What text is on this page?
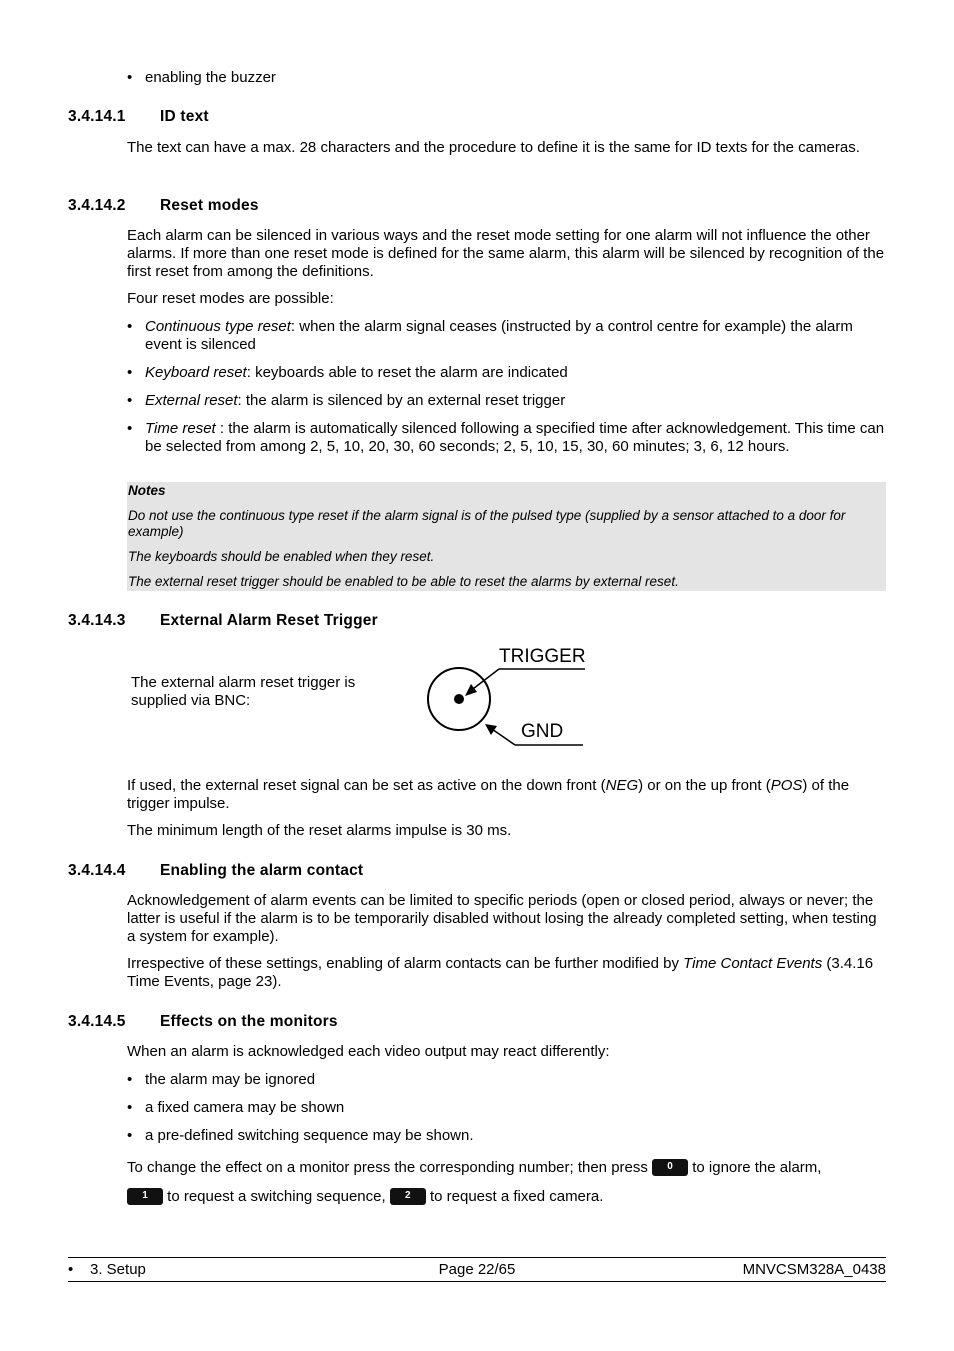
• enabling the buzzer
3.4.14.1 ID text
The text can have a max. 28 characters and the procedure to define it is the same for ID texts for the cameras.
3.4.14.2 Reset modes
Each alarm can be silenced in various ways and the reset mode setting for one alarm will not influence the other alarms. If more than one reset mode is defined for the same alarm, this alarm will be silenced by recognition of the first reset from among the definitions.
Four reset modes are possible:
• Continuous type reset: when the alarm signal ceases (instructed by a control centre for example) the alarm event is silenced
• Keyboard reset: keyboards able to reset the alarm are indicated
• External reset: the alarm is silenced by an external reset trigger
• Time reset : the alarm is automatically silenced following a specified time after acknowledgement. This time can be selected from among 2, 5, 10, 20, 30, 60 seconds; 2, 5, 10, 15, 30, 60 minutes; 3, 6, 12 hours.
Notes
Do not use the continuous type reset if the alarm signal is of the pulsed type (supplied by a sensor attached to a door for example)
The keyboards should be enabled when they reset.
The external reset trigger should be enabled to be able to reset the alarms by external reset.
3.4.14.3 External Alarm Reset Trigger
The external alarm reset trigger is supplied via BNC:
TRIGGER
GND
If used, the external reset signal can be set as active on the down front (NEG) or on the up front (POS) of the trigger impulse.
The minimum length of the reset alarms impulse is 30 ms.
3.4.14.4 Enabling the alarm contact
Acknowledgement of alarm events can be limited to specific periods (open or closed period, always or never; the latter is useful if the alarm is to be temporarily disabled without losing the already completed setting, when testing a system for example).
Irrespective of these settings, enabling of alarm contacts can be further modified by Time Contact Events (3.4.16 Time Events, page 23).
3.4.14.5 Effects on the monitors
When an alarm is acknowledged each video output may react differently:
• the alarm may be ignored
• a fixed camera may be shown
• a pre-defined switching sequence may be shown.
To change the effect on a monitor press the corresponding number; then press 0 to ignore the alarm,
1 to request a switching sequence, 2 to request a fixed camera.
• 3. Setup	Page 22/65	MNVCSM328A_0438
